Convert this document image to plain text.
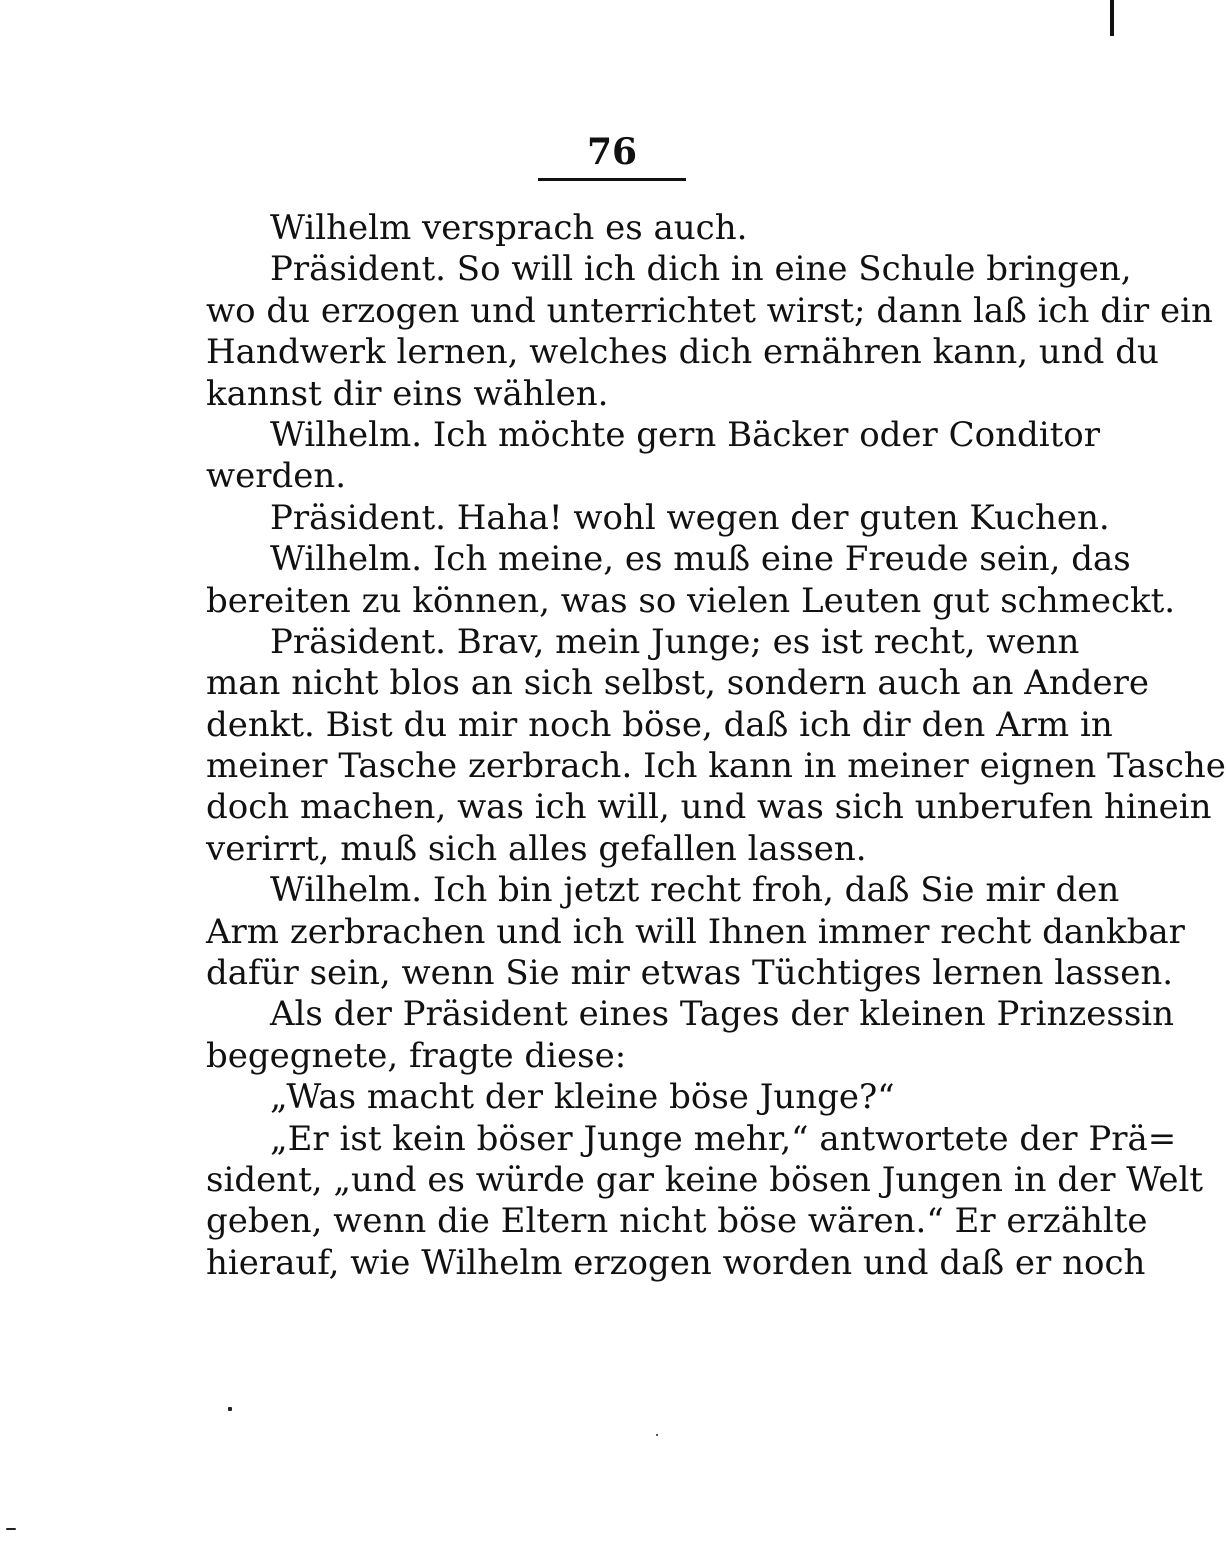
76
Wilhelm versprach es auch.
Präsident. So will ich dich in eine Schule bringen,
wo du erzogen und unterrichtet wirst; dann laß ich dir ein
Handwerk lernen, welches dich ernähren kann, und du
kannst dir eins wählen.
Wilhelm. Ich möchte gern Bäcker oder Conditor
werden.
Präsident. Haha! wohl wegen der guten Kuchen.
Wilhelm. Ich meine, es muß eine Freude sein, das
bereiten zu können, was so vielen Leuten gut schmeckt.
Präsident. Brav, mein Junge; es ist recht, wenn
man nicht blos an sich selbst, sondern auch an Andere
denkt. Bist du mir noch böse, daß ich dir den Arm in
meiner Tasche zerbrach. Ich kann in meiner eignen Tasche
doch machen, was ich will, und was sich unberufen hinein
verirrt, muß sich alles gefallen lassen.
Wilhelm. Ich bin jetzt recht froh, daß Sie mir den
Arm zerbrachen und ich will Ihnen immer recht dankbar
dafür sein, wenn Sie mir etwas Tüchtiges lernen lassen.
Als der Präsident eines Tages der kleinen Prinzessin
begegnete, fragte diese:
„Was macht der kleine böse Junge?“
„Er ist kein böser Junge mehr,“ antwortete der Prä=
sident, „und es würde gar keine bösen Jungen in der Welt
geben, wenn die Eltern nicht böse wären.“ Er erzählte
hierauf, wie Wilhelm erzogen worden und daß er noch
